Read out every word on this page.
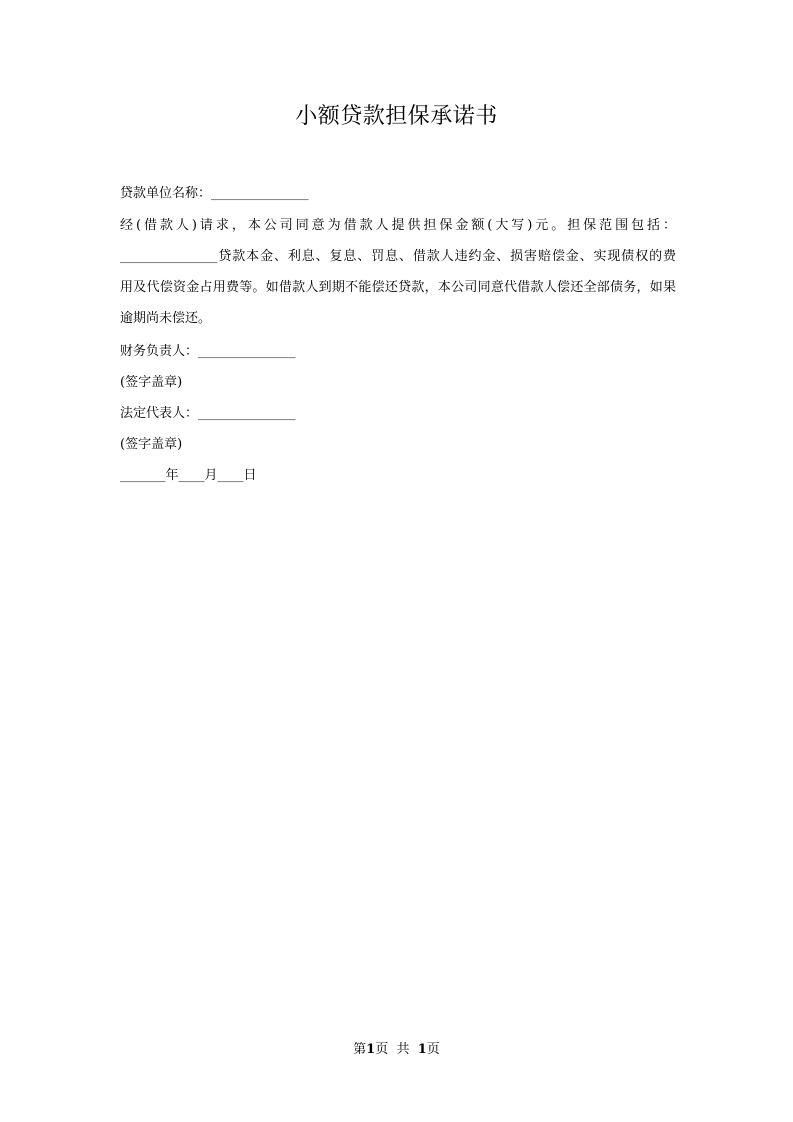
小额贷款担保承诺书
贷款单位名称：_______________
经(借款人)请求，本公司同意为借款人提供担保金额(大写)元。担保范围包括：
_______________贷款本金、利息、复息、罚息、借款人违约金、损害赔偿金、实现债权的费
用及代偿资金占用费等。如借款人到期不能偿还贷款，本公司同意代借款人偿还全部债务，如果
逾期尚未偿还。
财务负责人：_______________
(签字盖章)
法定代表人：_______________
(签字盖章)
_______年____月____日
第1页 共 1页
